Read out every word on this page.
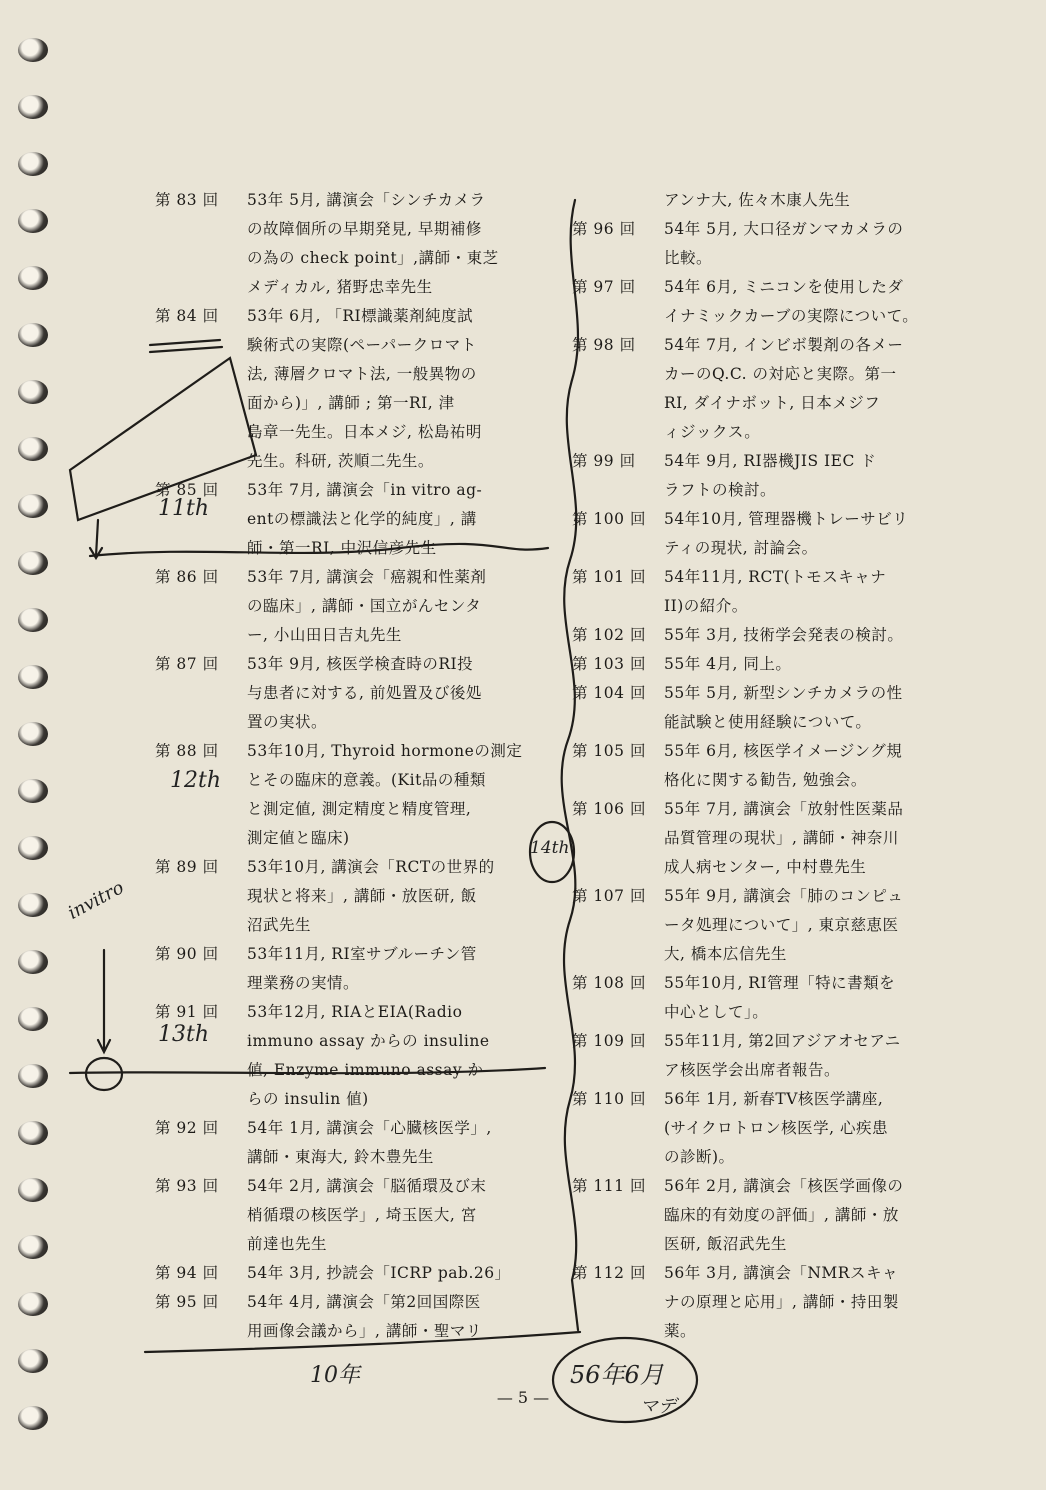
第 83 回	53年 5月, 講演会「シンチカメラ
の故障個所の早期発見, 早期補修
の為の check point」,講師・東芝
メディカル, 猪野忠幸先生
第 84 回	53年 6月, 「RI標識薬剤純度試
験術式の実際(ペーパークロマト
法, 薄層クロマト法, 一般異物の
面から)」, 講師 ; 第一RI, 津
島章一先生。日本メジ, 松島祐明
先生。科研, 茨順二先生。
第 85 回	53年 7月, 講演会「in vitro ag-
entの標識法と化学的純度」, 講
師・第一RI, 中沢信彦先生
第 86 回	53年 7月, 講演会「癌親和性薬剤
の臨床」, 講師・国立がんセンタ
ー, 小山田日吉丸先生
第 87 回	53年 9月, 核医学検査時のRI投
与患者に対する, 前処置及び後処
置の実状。
第 88 回	53年10月, Thyroid hormoneの測定
とその臨床的意義。(Kit品の種類
と測定値, 測定精度と精度管理,
測定値と臨床)
第 89 回	53年10月, 講演会「RCTの世界的
現状と将来」, 講師・放医研, 飯
沼武先生
第 90 回	53年11月, RI室サブルーチン管
理業務の実情。
第 91 回	53年12月, RIAとEIA(Radio
immuno assay からの insuline
値, Enzyme immuno assay か
らの insulin 値)
第 92 回	54年 1月, 講演会「心臓核医学」,
講師・東海大, 鈴木豊先生
第 93 回	54年 2月, 講演会「脳循環及び末
梢循環の核医学」, 埼玉医大, 宮
前達也先生
第 94 回	54年 3月, 抄読会「ICRP pab.26」
第 95 回	54年 4月, 講演会「第2回国際医
用画像会議から」, 講師・聖マリ
アンナ大, 佐々木康人先生
第 96 回	54年 5月, 大口径ガンマカメラの
比較。
第 97 回	54年 6月, ミニコンを使用したダ
イナミックカーブの実際について。
第 98 回	54年 7月, インビボ製剤の各メー
カーのQ.C. の対応と実際。第一
RI, ダイナボット, 日本メジフ
ィジックス。
第 99 回	54年 9月, RI器機JIS IEC ド
ラフトの検討。
第 100 回	54年10月, 管理器機トレーサビリ
ティの現状, 討論会。
第 101 回	54年11月, RCT(トモスキャナ
II)の紹介。
第 102 回	55年 3月, 技術学会発表の検討。
第 103 回	55年 4月, 同上。
第 104 回	55年 5月, 新型シンチカメラの性
能試験と使用経験について。
第 105 回	55年 6月, 核医学イメージング規
格化に関する勧告, 勉強会。
第 106 回	55年 7月, 講演会「放射性医薬品
品質管理の現状」, 講師・神奈川
成人病センター, 中村豊先生
第 107 回	55年 9月, 講演会「肺のコンピュ
ータ処理について」, 東京慈恵医
大, 橋本広信先生
第 108 回	55年10月, RI管理「特に書類を
中心として」。
第 109 回	55年11月, 第2回アジアオセアニ
ア核医学会出席者報告。
第 110 回	56年 1月, 新春TV核医学講座,
(サイクロトロン核医学, 心疾患
の診断)。
第 111 回	56年 2月, 講演会「核医学画像の
臨床的有効度の評価」, 講師・放
医研, 飯沼武先生
第 112 回	56年 3月, 講演会「NMRスキャ
ナの原理と応用」, 講師・持田製
薬。
— 5 —
11th
12th
13th
invitro
10年	56年6月
マデ
14th
